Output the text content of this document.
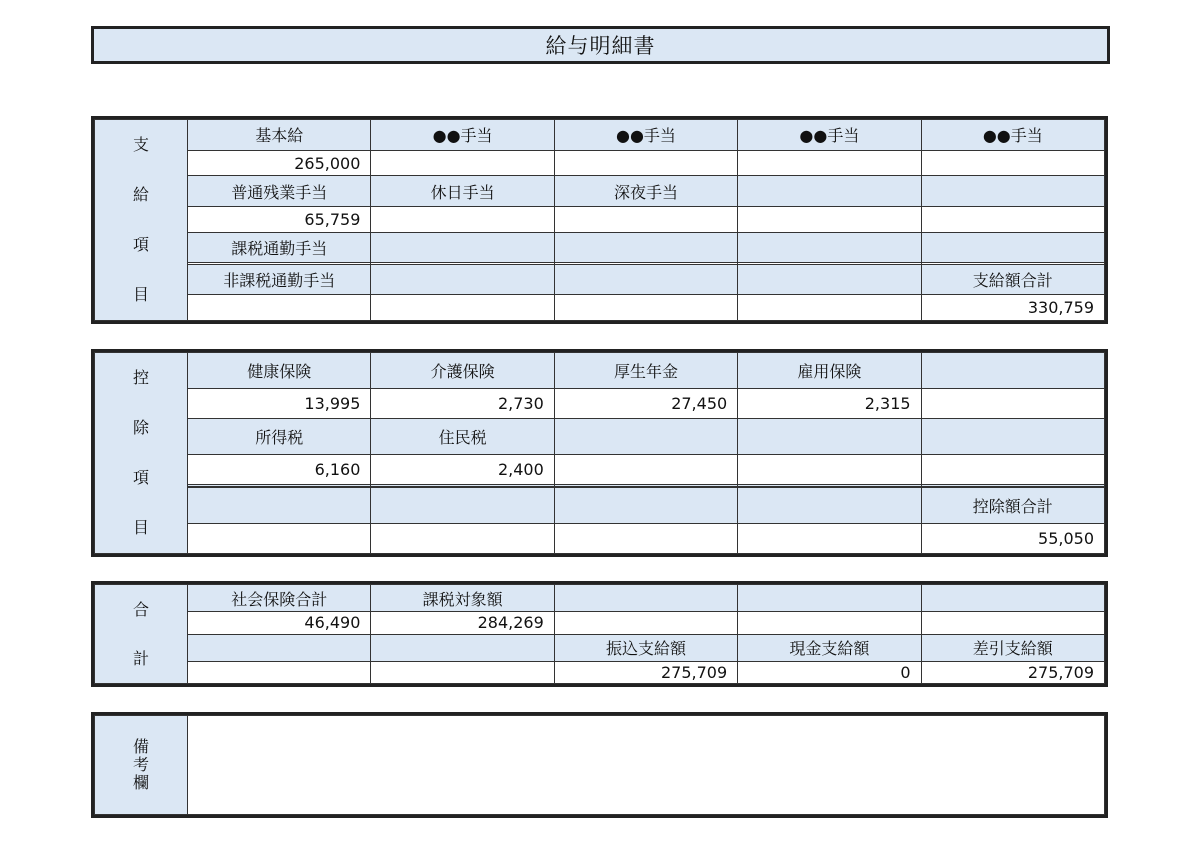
給与明細書
支
給
項
目	基本給	●●手当	●●手当	●●手当	●●手当
	265,000				
	普通残業手当	休日手当	深夜手当		
	65,759				
	課税通勤手当				

	非課税通勤手当				支給額合計
					330,759
控
除
項
目	健康保険	介護保険	厚生年金	雇用保険	
	13,995	2,730	27,450	2,315	
	所得税	住民税			
	6,160	2,400			

					控除額合計
					55,050
合
計	社会保険合計	課税対象額			
	46,490	284,269			
			振込支給額	現金支給額	差引支給額
			275,709	0	275,709
備
考
欄
